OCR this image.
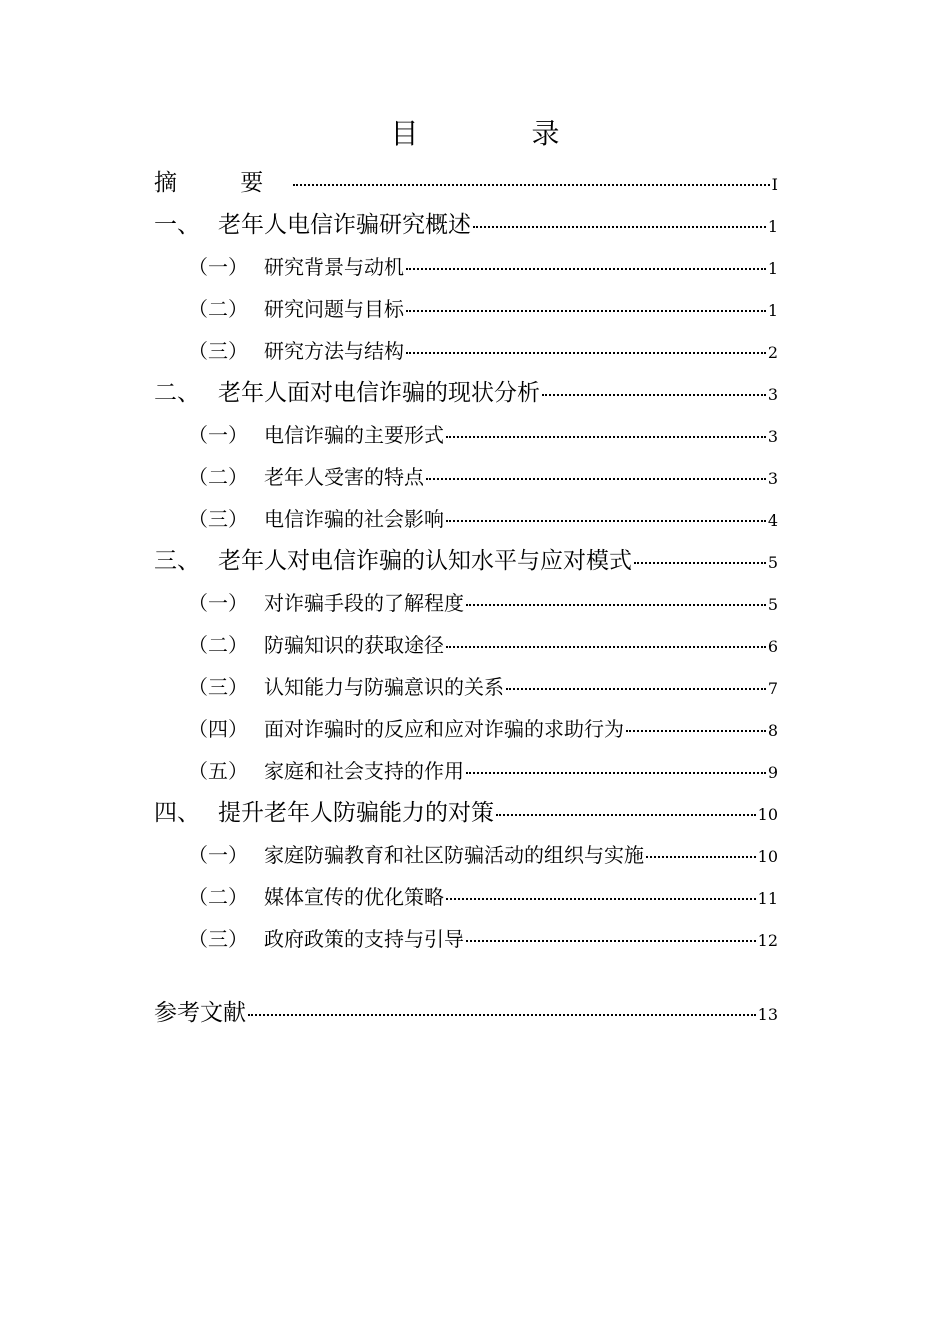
目 录
摘 要	I
一、 老年人电信诈骗研究概述	1
（一） 研究背景与动机	1
（二） 研究问题与目标	1
（三） 研究方法与结构	2
二、 老年人面对电信诈骗的现状分析	3
（一） 电信诈骗的主要形式	3
（二） 老年人受害的特点	3
（三） 电信诈骗的社会影响	4
三、 老年人对电信诈骗的认知水平与应对模式	5
（一） 对诈骗手段的了解程度	5
（二） 防骗知识的获取途径	6
（三） 认知能力与防骗意识的关系	7
（四） 面对诈骗时的反应和应对诈骗的求助行为	8
（五） 家庭和社会支持的作用	9
四、 提升老年人防骗能力的对策	10
（一） 家庭防骗教育和社区防骗活动的组织与实施	10
（二） 媒体宣传的优化策略	11
（三） 政府政策的支持与引导	12
参考文献	13
